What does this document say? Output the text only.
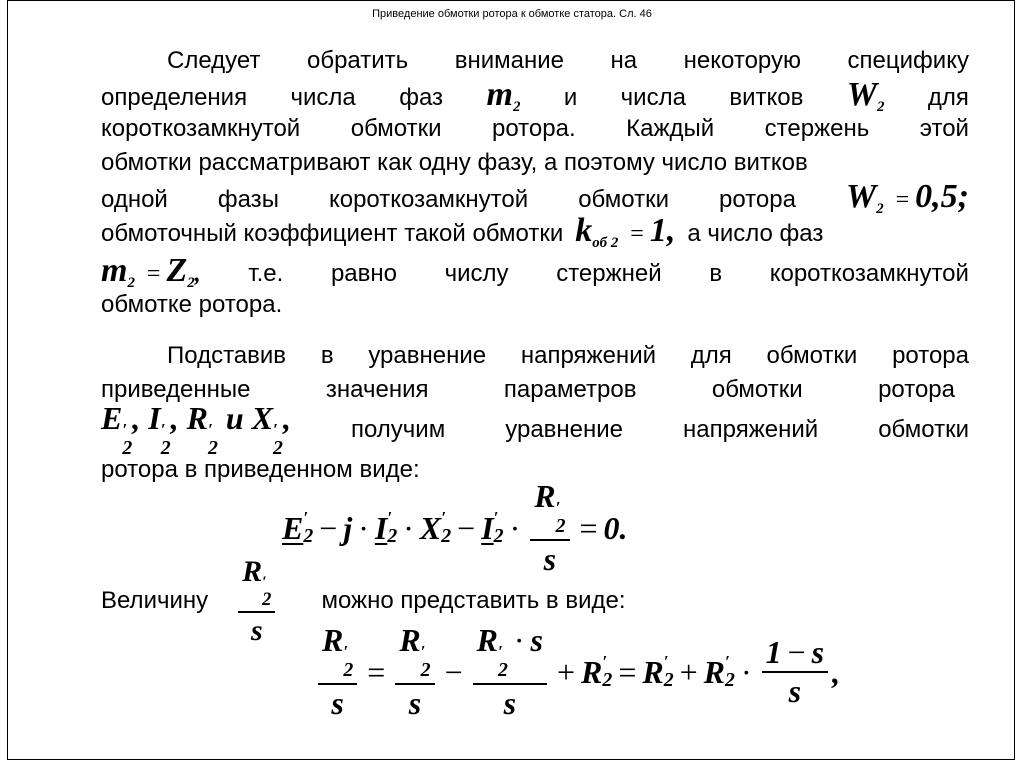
Приведение обмотки ротора к обмотке статора. Сл. 46
Следует обратить внимание на некоторую специфику
определения числа фаз $m_2$ и числа витков $W_2$ для
короткозамкнутой обмотки ротора. Каждый стержень этой
обмотки рассматривают как одну фазу, а поэтому число витков
одной фазы короткозамкнутой обмотки ротора $W_2 = 0,5$;
обмоточный коэффициент такой обмотки $k_{об 2} = 1$, а число фаз
$m_2 = Z_2$, т.е. равно числу стержней в короткозамкнутой
обмотке ротора.
Подставив в уравнение напряжений для обмотки ротора
приведенные	значения	параметров	обмотки	ротора
E ′
2
, I ′
2
, R ′
2
и X ′
2
,	получим	уравнение	напряжений	обмотки
ротора в приведенном виде:
E ′
2 − j · I ′
2 · X ′
2 − I ′
2 · R ′
2
s = 0.
Величину R ′
2
s можно представить в виде:
R ′
2
s = R ′
2
s − R ′
2
· s
s + R ′
2 = R ′
2 + R ′
$2 \cdot \frac{1 - s}{s}$ ,
